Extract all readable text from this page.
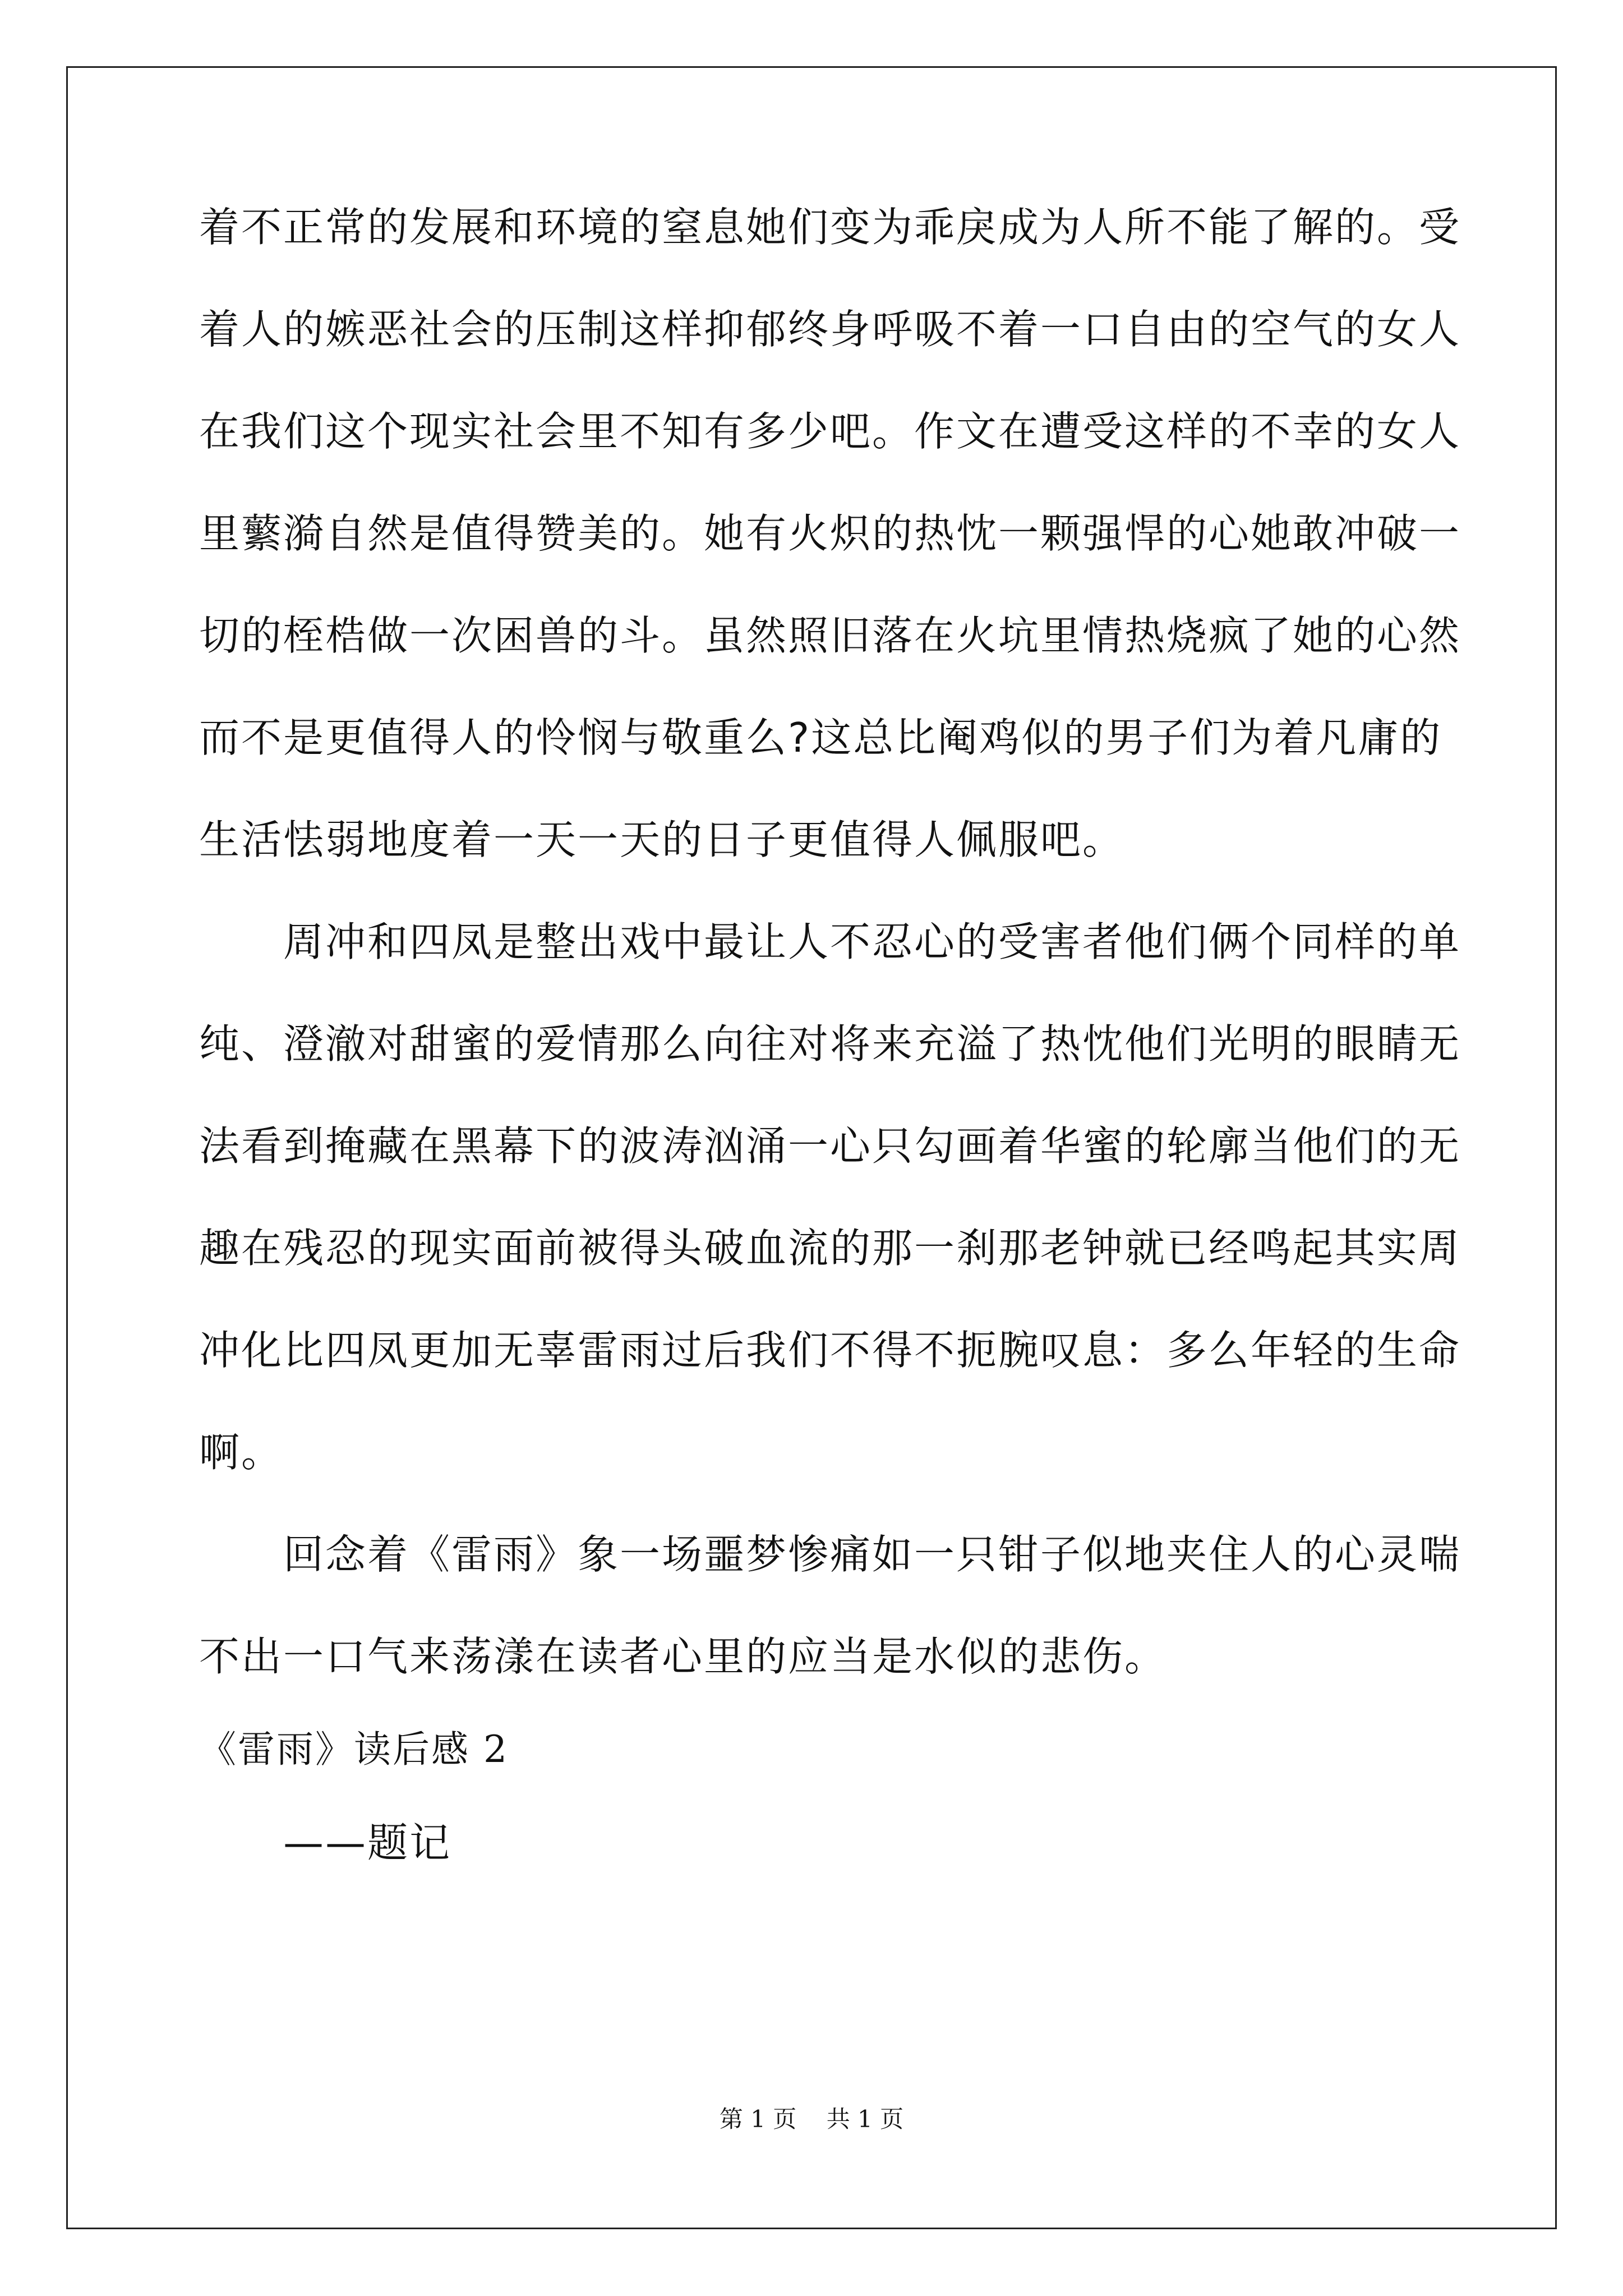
着不正常的发展和环境的窒息她们变为乖戾成为人所不能了解的。受
着人的嫉恶社会的压制这样抑郁终身呼吸不着一口自由的空气的女人
在我们这个现实社会里不知有多少吧。作文在遭受这样的不幸的女人
里蘩漪自然是值得赞美的。她有火炽的热忱一颗强悍的心她敢冲破一
切的桎梏做一次困兽的斗。虽然照旧落在火坑里情热烧疯了她的心然
而不是更值得人的怜悯与敬重么?这总比阉鸡似的男子们为着凡庸的
生活怯弱地度着一天一天的日子更值得人佩服吧。
　　周冲和四凤是整出戏中最让人不忍心的受害者他们俩个同样的单
纯、澄澈对甜蜜的爱情那么向往对将来充溢了热忱他们光明的眼睛无
法看到掩藏在黑幕下的波涛汹涌一心只勾画着华蜜的轮廓当他们的无
趣在残忍的现实面前被得头破血流的那一刹那老钟就已经鸣起其实周
冲化比四凤更加无辜雷雨过后我们不得不扼腕叹息：多么年轻的生命
啊。
　　回念着《雷雨》象一场噩梦惨痛如一只钳子似地夹住人的心灵喘
不出一口气来荡漾在读者心里的应当是水似的悲伤。
《雷雨》读后感 2
　　——题记
第 1 页    共 1 页
